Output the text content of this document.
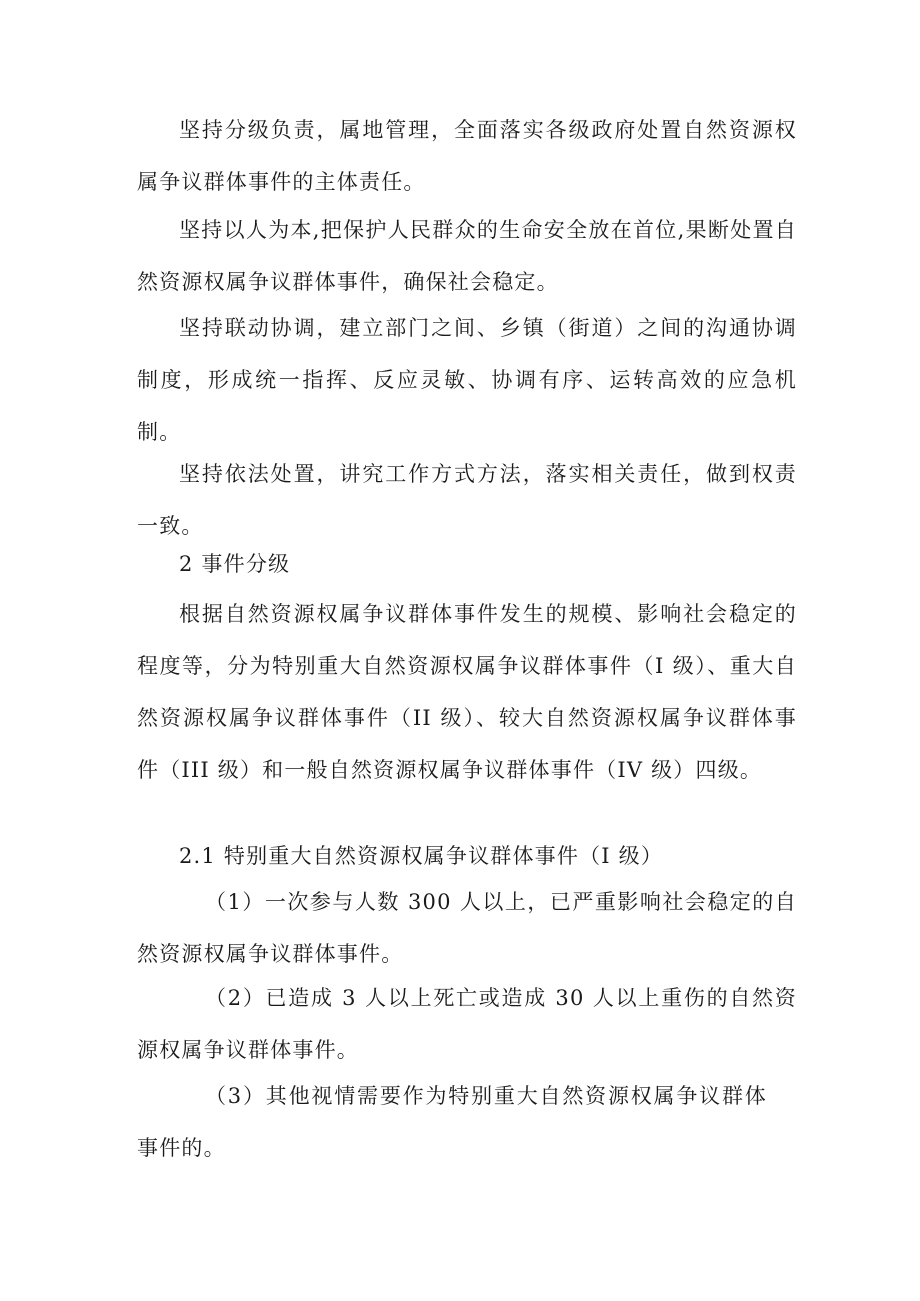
坚持分级负责，属地管理，全面落实各级政府处置自然资源权属争议群体事件的主体责任。

坚持以人为本,把保护人民群众的生命安全放在首位,果断处置自然资源权属争议群体事件，确保社会稳定。

坚持联动协调，建立部门之间、乡镇（街道）之间的沟通协调制度，形成统一指挥、反应灵敏、协调有序、运转高效的应急机制。

坚持依法处置，讲究工作方式方法，落实相关责任，做到权责一致。

2 事件分级

根据自然资源权属争议群体事件发生的规模、影响社会稳定的程度等，分为特别重大自然资源权属争议群体事件（I 级）、重大自然资源权属争议群体事件（II 级）、较大自然资源权属争议群体事件（III 级）和一般自然资源权属争议群体事件（IV 级）四级。

2.1 特别重大自然资源权属争议群体事件（I 级）

（1）一次参与人数 300 人以上，已严重影响社会稳定的自然资源权属争议群体事件。

（2）已造成 3 人以上死亡或造成 30 人以上重伤的自然资源权属争议群体事件。

（3）其他视情需要作为特别重大自然资源权属争议群体事件的。
